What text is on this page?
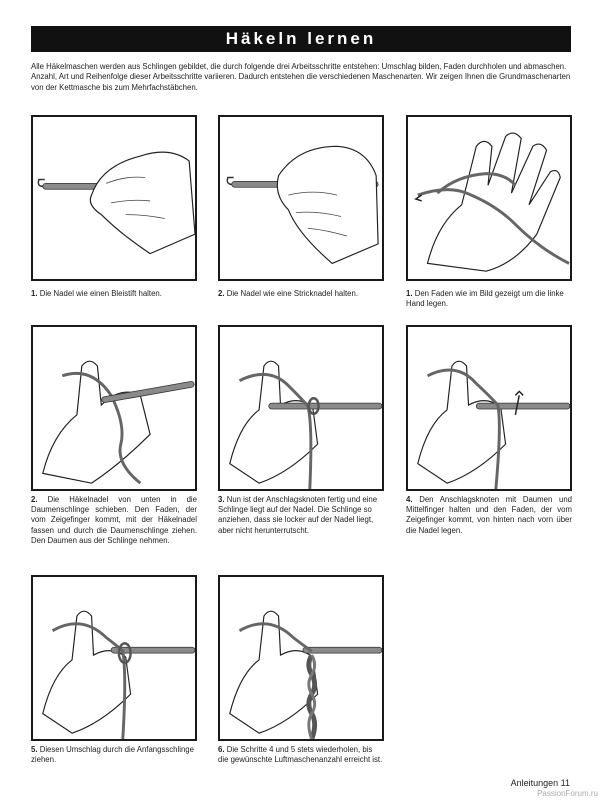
Häkeln lernen
Alle Häkelmaschen werden aus Schlingen gebildet, die durch folgende drei Arbeitsschritte entstehen: Umschlag bilden, Faden durchholen und abmaschen. Anzahl, Art und Reihenfolge dieser Arbeitsschritte variieren. Dadurch entstehen die verschiedenen Maschenarten. Wir zeigen Ihnen die Grundmaschenarten von der Kettmasche bis zum Mehrfachstäbchen.
1. Die Nadel wie einen Bleistift halten.	2. Die Nadel wie eine Stricknadel halten.	1. Den Faden wie im Bild gezeigt um die linke Hand legen.
2. Die Häkelnadel von unten in die Daumenschlinge schieben. Den Faden, der vom Zeigefinger kommt, mit der Häkelnadel fassen und durch die Daumenschlinge ziehen. Den Daumen aus der Schlinge nehmen.
3. Nun ist der Anschlagsknoten fertig und eine Schlinge liegt auf der Nadel. Die Schlinge so anziehen, dass sie locker auf der Nadel liegt, aber nicht herunterrutscht.
4. Den Anschlagsknoten mit Daumen und Mittelfinger halten und den Faden, der vom Zeigefinger kommt, von hinten nach vorn über die Nadel legen.
5. Diesen Umschlag durch die Anfangsschlinge ziehen.
6. Die Schritte 4 und 5 stets wiederholen, bis die gewünschte Luftmaschenanzahl erreicht ist.
Anleitungen 11
PassionForum.ru
